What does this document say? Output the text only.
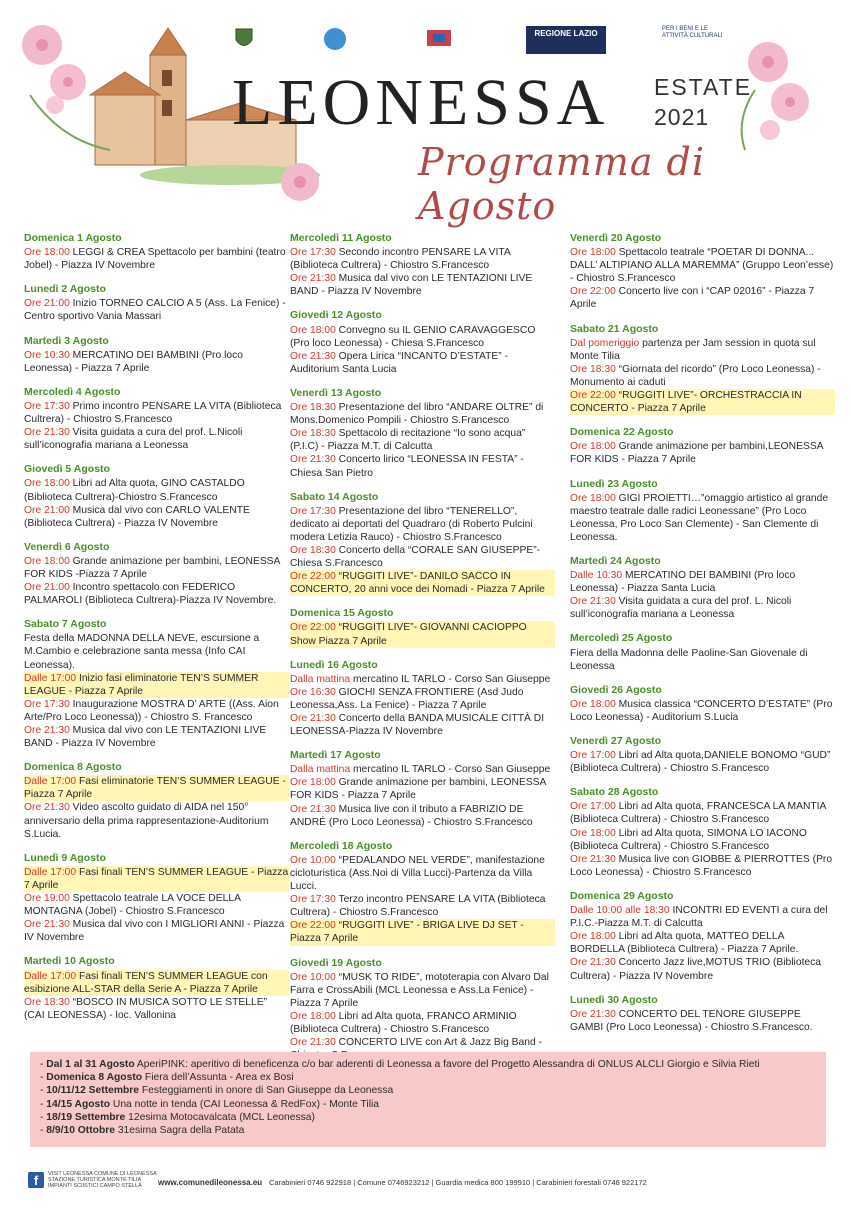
REGIONE LAZIO	PER I BENI E LE ATTIVITÀ CULTURALI
LEONESSA ESTATE
2021
Programma di Agosto
Domenica 1 Agosto
Ore 18:00 LEGGI & CREA Spettacolo per bambini (teatro Jobel) - Piazza IV Novembre
Lunedì 2 Agosto
Ore 21:00 Inizio TORNEO CALCIO A 5 (Ass. La Fenice) - Centro sportivo Vania Massari
Martedì 3 Agosto
Ore 10:30 MERCATINO DEI BAMBINI (Pro loco Leonessa) - Piazza 7 Aprile
Mercoledì 4 Agosto
Ore 17:30 Primo incontro PENSARE LA VITA (Biblioteca Cultrera) - Chiostro S.Francesco
Ore 21:30 Visita guidata a cura del prof. L.Nicoli sull’iconografia mariana a Leonessa
Giovedì 5 Agosto
Ore 18:00 Libri ad Alta quota, GINO CASTALDO (Biblioteca Cultrera)-Chiostro S.Francesco
Ore 21:00 Musica dal vivo con CARLO VALENTE (Biblioteca Cultrera) - Piazza IV Novembre
Venerdì 6 Agosto
Ore 18:00 Grande animazione per bambini, LEONESSA FOR KIDS -Piazza 7 Aprile
Ore 21:00 Incontro spettacolo con FEDERICO PALMAROLI (Biblioteca Cultrera)-Piazza IV Novembre.
Sabato 7 Agosto
Festa della MADONNA DELLA NEVE, escursione a M.Cambio e celebrazione santa messa (Info CAI Leonessa).
Dalle 17:00 Inizio fasi eliminatorie TEN’S SUMMER LEAGUE - Piazza 7 Aprile
Ore 17:30 Inaugurazione MOSTRA D’ ARTE ((Ass. Aion Arte/Pro Loco Leonessa)) - Chiostro S. Francesco
Ore 21:30 Musica dal vivo con LE TENTAZIONI LIVE BAND - Piazza IV Novembre
Domenica 8 Agosto
Dalle 17:00 Fasi eliminatorie TEN’S SUMMER LEAGUE - Piazza 7 Aprile
Ore 21:30 Video ascolto guidato di AIDA nel 150° anniversario della prima rappresentazione-Auditorium S.Lucia.
Lunedì 9 Agosto
Dalle 17:00 Fasi finali TEN’S SUMMER LEAGUE - Piazza 7 Aprile
Ore 19:00 Spettacolo teatrale LA VOCE DELLA MONTAGNA (Jobel) - Chiostro S.Francesco
Ore 21:30 Musica dal vivo con I MIGLIORI ANNI - Piazza IV Novembre
Martedì 10 Agosto
Dalle 17:00 Fasi finali TEN’S SUMMER LEAGUE con esibizione ALL-STAR della Serie A - Piazza 7 Aprile
Ore 18:30 “BOSCO IN MUSICA SOTTO LE STELLE” (CAI LEONESSA) - loc. Vallonina
Mercoledì 11 Agosto
Ore 17:30 Secondo incontro PENSARE LA VITA (Biblioteca Cultrera) - Chiostro S.Francesco
Ore 21:30 Musica dal vivo con LE TENTAZIONI LIVE BAND - Piazza IV Novembre
Giovedì 12 Agosto
Ore 18:00 Convegno su IL GENIO CARAVAGGESCO (Pro loco Leonessa) - Chiesa S.Francesco
Ore 21:30 Opera Lirica “INCANTO D’ESTATE” - Auditorium Santa Lucia
Venerdì 13 Agosto
Ore 18:30 Presentazione del libro “ANDARE OLTRE” di Mons.Domenico Pompili - Chiostro S.Francesco
Ore 18:30 Spettacolo di recitazione “Io sono acqua” (P.I.C) - Piazza M.T. di Calcutta
Ore 21:30 Concerto lirico “LEONESSA IN FESTA” - Chiesa San Pietro
Sabato 14 Agosto
Ore 17:30 Presentazione del libro “TENERELLO”, dedicato ai deportati del Quadraro (di Roberto Pulcini modera Letizia Rauco) - Chiostro S.Francesco
Ore 18:30 Concerto della “CORALE SAN GIUSEPPE”- Chiesa S.Francesco
Ore 22:00 “RUGGITI LIVE”- DANILO SACCO IN CONCERTO, 20 anni voce dei Nomadi - Piazza 7 Aprile
Domenica 15 Agosto
Ore 22:00 “RUGGITI LIVE”- GIOVANNI CACIOPPO Show Piazza 7 Aprile
Lunedì 16 Agosto
Dalla mattina mercatino IL TARLO - Corso San Giuseppe
Ore 16:30 GIOCHI SENZA FRONTIERE (Asd Judo Leonessa,Ass. La Fenice) - Piazza 7 Aprile
Ore 21:30 Concerto della BANDA MUSICALE CITTÀ DI LEONESSA-Piazza IV Novembre
Martedì 17 Agosto
Dalla mattina mercatino IL TARLO - Corso San Giuseppe
Ore 18:00 Grande animazione per bambini, LEONESSA FOR KIDS - Piazza 7 Aprile
Ore 21:30 Musica live con il tributo a FABRIZIO DE ANDRÉ (Pro Loco Leonessa) - Chiostro S.Francesco
Mercoledì 18 Agosto
Ore 10:00 “PEDALANDO NEL VERDE”, manifestazione cicloturistica (Ass.Noi di Villa Lucci)-Partenza da Villa Lucci.
Ore 17:30 Terzo incontro PENSARE LA VITA (Biblioteca Cultrera) - Chiostro S.Francesco
Ore 22:00 “RUGGITI LIVE” - BRIGA LIVE DJ SET - Piazza 7 Aprile
Giovedì 19 Agosto
Ore 10:00 “MUSK TO RIDE”, mototerapia con Alvaro Dal Farra e CrossAbili (MCL Leonessa e Ass.La Fenice) - Piazza 7 Aprile
Ore 18:00 Libri ad Alta quota, FRANCO ARMINIO (Biblioteca Cultrera) - Chiostro S.Francesco
Ore 21:30 CONCERTO LIVE con Art & Jazz Big Band -
Venerdì 20 Agosto
Ore 18:00 Spettacolo teatrale “POETAR DI DONNA... DALL’ ALTIPIANO ALLA MAREMMA” (Gruppo Leon’esse) - Chiostro S.Francesco
Ore 22:00 Concerto live con i “CAP 02016” - Piazza 7 Aprile
Sabato 21 Agosto
Dal pomeriggio partenza per Jam session in quota sul Monte Tilia
Ore 18:30 “Giornata del ricordo” (Pro Loco Leonessa) - Monumento ai caduti
Ore 22:00 “RUGGITI LIVE”- ORCHESTRACCIA IN CONCERTO - Piazza 7 Aprile
Domenica 22 Agosto
Ore 18:00 Grande animazione per bambini,LEONESSA FOR KIDS - Piazza 7 Aprile
Lunedì 23 Agosto
Ore 18:00 GIGI PROIETTI…”omaggio artistico al grande maestro teatrale dalle radici Leonessane” (Pro Loco Leonessa, Pro Loco San Clemente) - San Clemente di Leonessa.
Martedì 24 Agosto
Dalle 10:30 MERCATINO DEI BAMBINI (Pro loco Leonessa) - Piazza Santa Lucia
Ore 21:30 Visita guidata a cura del prof. L. Nicoli sull’iconografia mariana a Leonessa
Mercoledì 25 Agosto
Fiera della Madonna delle Paoline-San Giovenale di Leonessa
Giovedì 26 Agosto
Ore 18:00 Musica classica “CONCERTO D’ESTATE” (Pro Loco Leonessa) - Auditorium S.Lucia
Venerdì 27 Agosto
Ore 17:00 Libri ad Alta quota,DANIELE BONOMO “GUD” (Biblioteca Cultrera) - Chiostro S.Francesco
Sabato 28 Agosto
Ore 17:00 Libri ad Alta quota, FRANCESCA LA MANTIA (Biblioteca Cultrera) - Chiostro S.Francesco
Ore 18:00 Libri ad Alta quota, SIMONA LO IACONO (Biblioteca Cultrera) - Chiostro S.Francesco
Ore 21:30 Musica live con GIOBBE & PIERROTTES (Pro Loco Leonessa) - Chiostro S.Francesco
Domenica 29 Agosto
Dalle 10:00 alle 18:30 INCONTRI ED EVENTI a cura del P.I.C.-Piazza M.T. di Calcutta
Ore 18:00 Libri ad Alta quota, MATTEO DELLA BORDELLA (Biblioteca Cultrera) - Piazza 7 Aprile.
Ore 21:30 Concerto Jazz live,MOTUS TRIO (Biblioteca Cultrera) - Piazza IV Novembre
Lunedì 30 Agosto
Ore 21:30 CONCERTO DEL TENORE GIUSEPPE GAMBI (Pro Loco Leonessa) - Chiostro S.Francesco.
- Dal 1 al 31 Agosto AperiPINK: aperitivo di beneficenza c/o bar aderenti di Leonessa a favore del Progetto Alessandra di ONLUS ALCLI Giorgio e Silvia Rieti
- Domenica 8 Agosto Fiera dell’Assunta - Area ex Bosi
- 10/11/12 Settembre Festeggiamenti in onore di San Giuseppe da Leonessa
- 14/15 Agosto Una notte in tenda (CAI Leonessa & RedFox) - Monte Tilia
- 18/19 Settembre 12esima Motocavalcata (MCL Leonessa)
- 8/9/10 Ottobre 31esima Sagra della Patata
f	VISIT LEONESSA COMUNE DI LEONESSA STAZIONE TURISTICA MONTE TILIA IMPIANTI SCIISTICI CAMPO STELLA	www.comunedileonessa.eu Carabinieri 0746 922918 | Comune 0746923212 | Guardia medica 800 199910 | Carabinieri forestali 0746 922172
